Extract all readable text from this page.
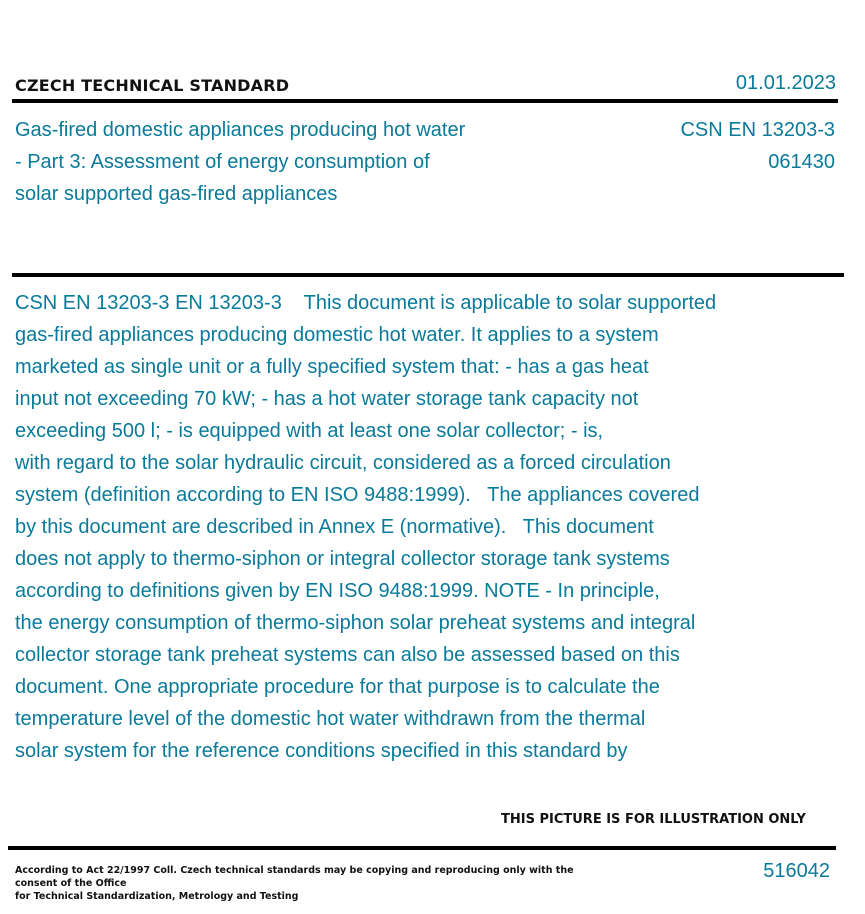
CZECH TECHNICAL STANDARD	01.01.2023
Gas-fired domestic appliances producing hot water
- Part 3: Assessment of energy consumption of
solar supported gas-fired appliances
CSN EN 13203-3
061430
CSN EN 13203-3 EN 13203-3    This document is applicable to solar supported
gas-fired appliances producing domestic hot water. It applies to a system
marketed as single unit or a fully specified system that: - has a gas heat
input not exceeding 70 kW; - has a hot water storage tank capacity not
exceeding 500 l; - is equipped with at least one solar collector; - is,
with regard to the solar hydraulic circuit, considered as a forced circulation
system (definition according to EN ISO 9488:1999).   The appliances covered
by this document are described in Annex E (normative).   This document
does not apply to thermo-siphon or integral collector storage tank systems
according to definitions given by EN ISO 9488:1999. NOTE - In principle,
the energy consumption of thermo-siphon solar preheat systems and integral
collector storage tank preheat systems can also be assessed based on this
document. One appropriate procedure for that purpose is to calculate the
temperature level of the domestic hot water withdrawn from the thermal
solar system for the reference conditions specified in this standard by
THIS PICTURE IS FOR ILLUSTRATION ONLY
According to Act 22/1997 Coll. Czech technical standards may be copying and reproducing only with the consent of the Office
for Technical Standardization, Metrology and Testing
516042
